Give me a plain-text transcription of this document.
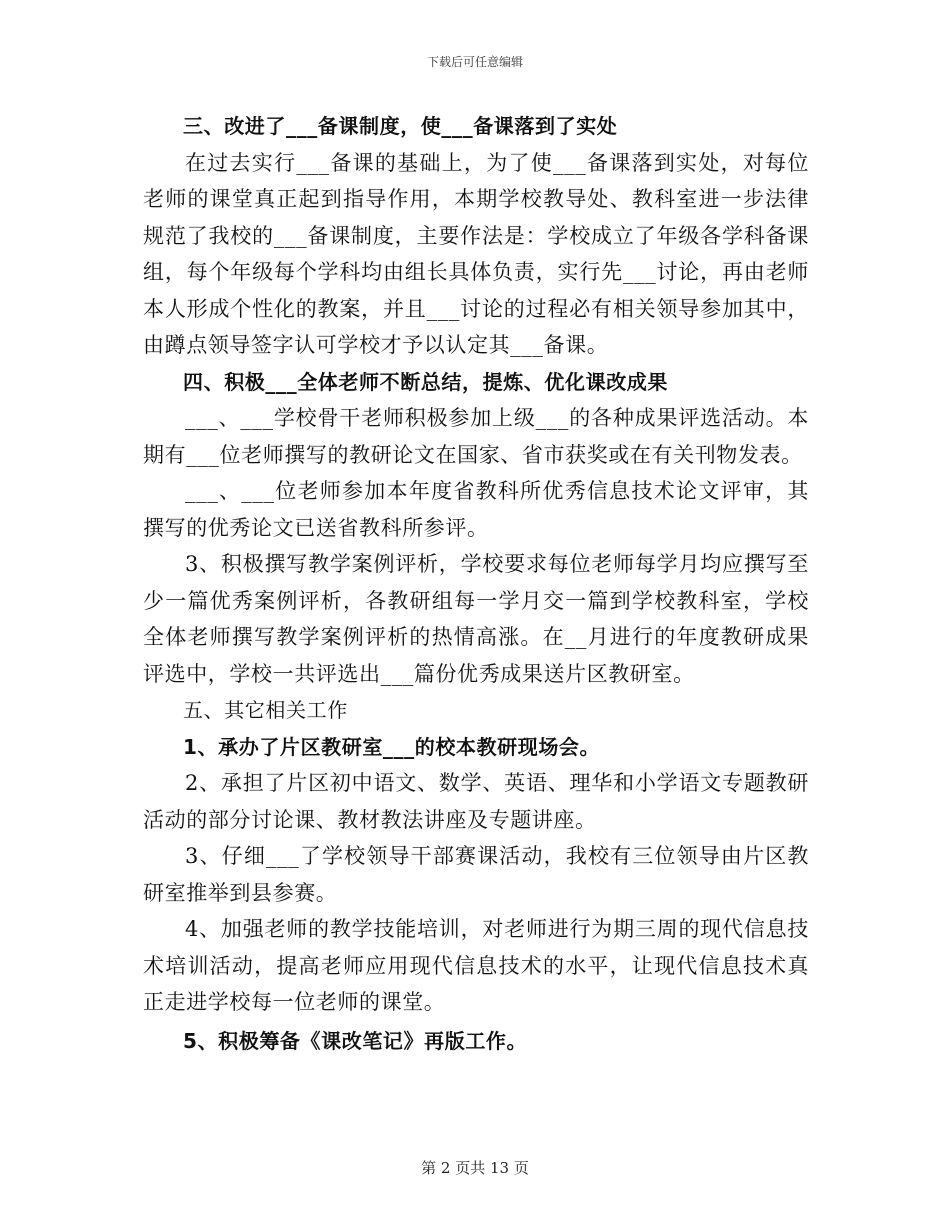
下载后可任意编辑

三、改进了___备课制度，使___备课落到了实处

在过去实行___备课的基础上，为了使___备课落到实处，对每位老师的课堂真正起到指导作用，本期学校教导处、教科室进一步法律规范了我校的___备课制度，主要作法是：学校成立了年级各学科备课组，每个年级每个学科均由组长具体负责，实行先___讨论，再由老师本人形成个性化的教案，并且___讨论的过程必有相关领导参加其中，由蹲点领导签字认可学校才予以认定其___备课。

四、积极___全体老师不断总结，提炼、优化课改成果

___、___学校骨干老师积极参加上级___的各种成果评选活动。本期有___位老师撰写的教研论文在国家、省市获奖或在有关刊物发表。

___、___位老师参加本年度省教科所优秀信息技术论文评审，其撰写的优秀论文已送省教科所参评。

3、积极撰写教学案例评析，学校要求每位老师每学月均应撰写至少一篇优秀案例评析，各教研组每一学月交一篇到学校教科室，学校全体老师撰写教学案例评析的热情高涨。在__月进行的年度教研成果评选中，学校一共评选出___篇份优秀成果送片区教研室。

五、其它相关工作

1、承办了片区教研室___的校本教研现场会。

2、承担了片区初中语文、数学、英语、理华和小学语文专题教研活动的部分讨论课、教材教法讲座及专题讲座。

3、仔细___了学校领导干部赛课活动，我校有三位领导由片区教研室推举到县参赛。

4、加强老师的教学技能培训，对老师进行为期三周的现代信息技术培训活动，提高老师应用现代信息技术的水平，让现代信息技术真正走进学校每一位老师的课堂。

5、积极筹备《课改笔记》再版工作。

第 2 页共 13 页
